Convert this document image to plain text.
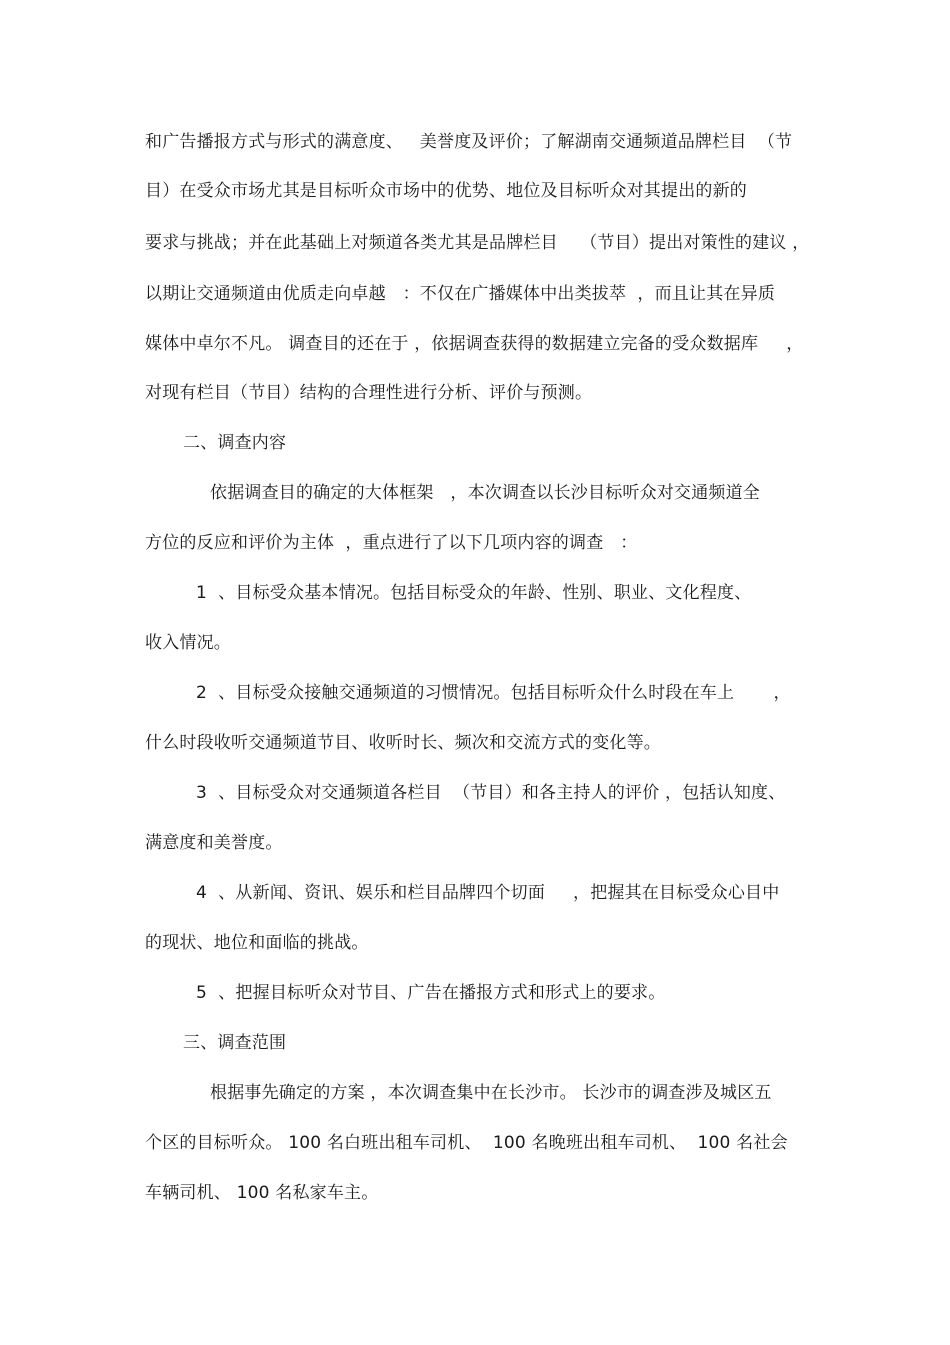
和广告播报方式与形式的满意度、   美誉度及评价；了解湖南交通频道品牌栏目  （节
目）在受众市场尤其是目标听众市场中的优势、地位及目标听众对其提出的新的
要求与挑战；并在此基础上对频道各类尤其是品牌栏目    （节目）提出对策性的建议 ，
以期让交通频道由优质走向卓越   ：不仅在广播媒体中出类拔萃  ，而且让其在异质
媒体中卓尔不凡。 调查目的还在于 ，依据调查获得的数据建立完备的受众数据库     ，
对现有栏目（节目）结构的合理性进行分析、评价与预测。
二、调查内容
依据调查目的确定的大体框架   ，本次调查以长沙目标听众对交通频道全
方位的反应和评价为主体  ，重点进行了以下几项内容的调查   ：
1  、目标受众基本情况。包括目标受众的年龄、性别、职业、文化程度、
收入情况。
2  、目标受众接触交通频道的习惯情况。包括目标听众什么时段在车上       ，
什么时段收听交通频道节目、收听时长、频次和交流方式的变化等。
3  、目标受众对交通频道各栏目  （节目）和各主持人的评价 ，包括认知度、
满意度和美誉度。
4  、从新闻、资讯、娱乐和栏目品牌四个切面     ，把握其在目标受众心目中
的现状、地位和面临的挑战。
5  、把握目标听众对节目、广告在播报方式和形式上的要求。
三、调查范围
根据事先确定的方案 ，本次调查集中在长沙市。 长沙市的调查涉及城区五
个区的目标听众。 100 名白班出租车司机、  100 名晚班出租车司机、  100 名社会
车辆司机、 100 名私家车主。
